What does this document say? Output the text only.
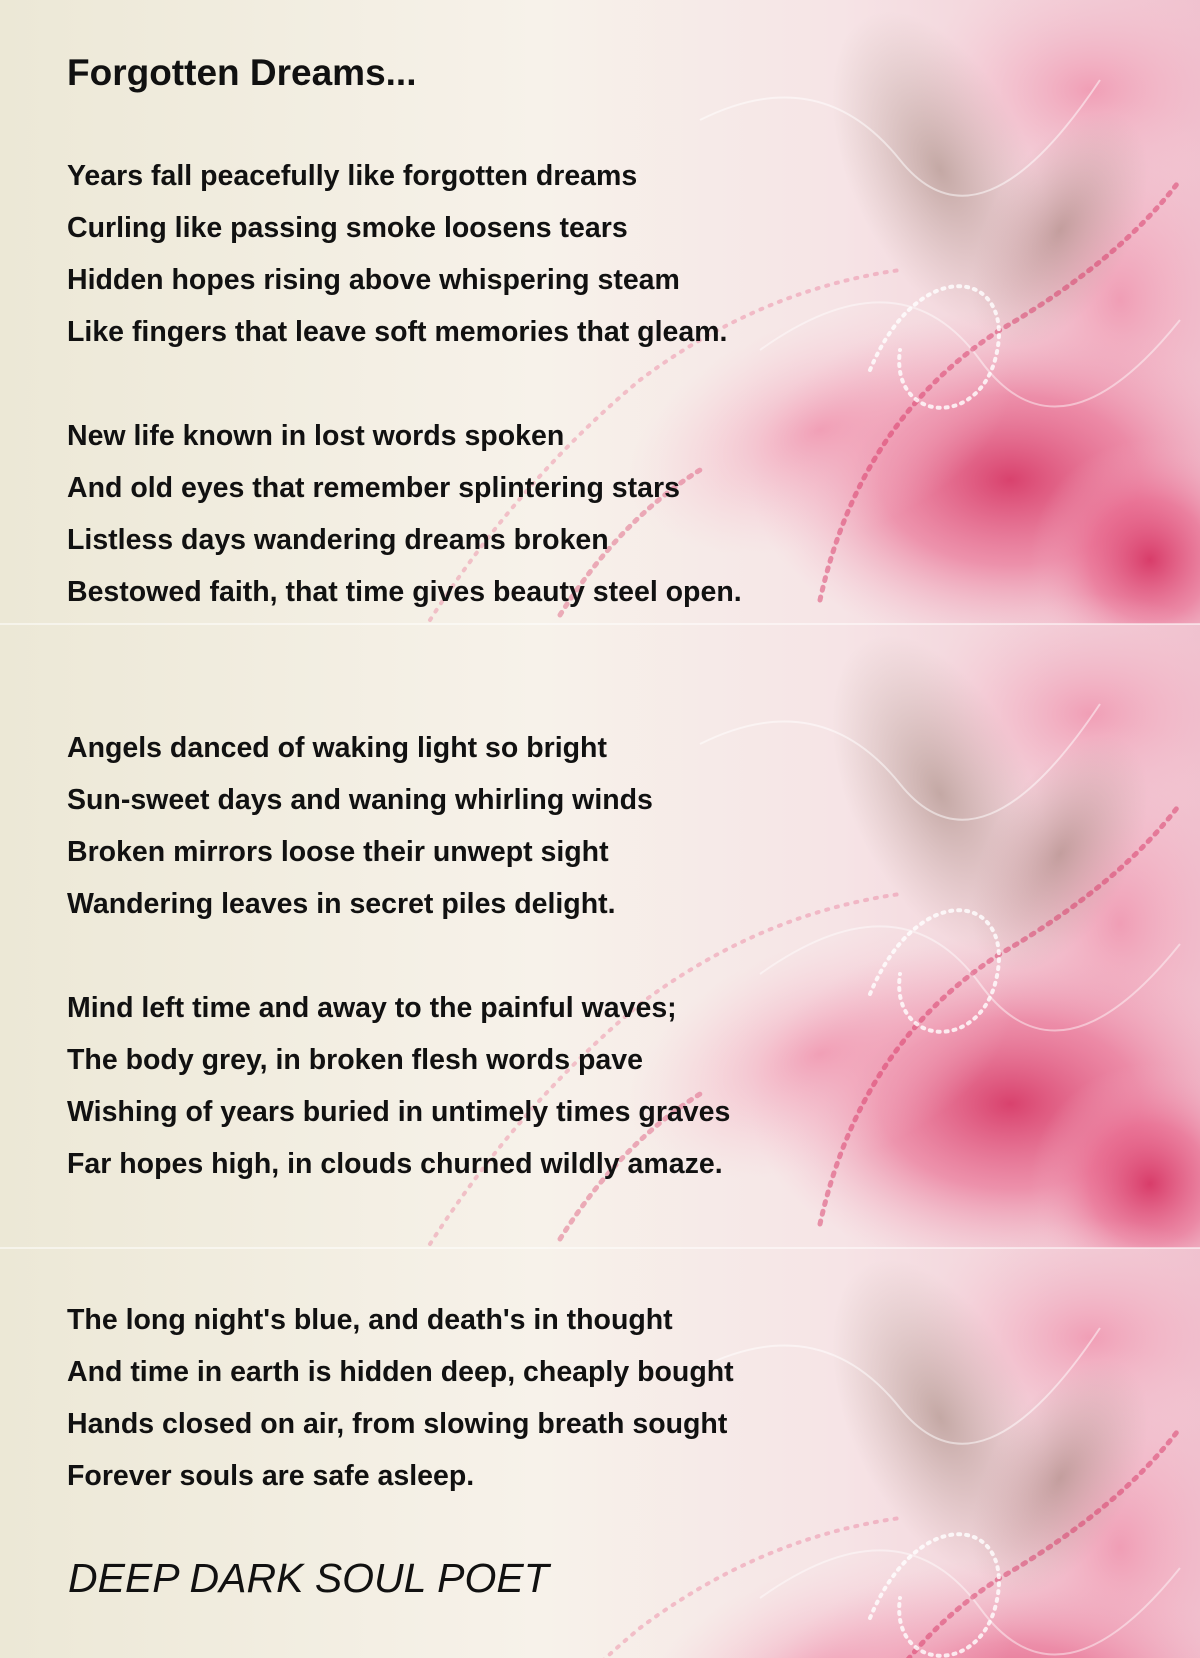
Forgotten Dreams...
Years fall peacefully like forgotten dreams
Curling like passing smoke loosens tears
Hidden hopes rising above whispering steam
Like fingers that leave soft memories that gleam.
New life known in lost words spoken
And old eyes that remember splintering stars
Listless days wandering dreams broken
Bestowed faith, that time gives beauty steel open.
Angels danced of waking light so bright
Sun-sweet days and waning whirling winds
Broken mirrors loose their unwept sight
Wandering leaves in secret piles delight.
Mind left time and away to the painful waves;
The body grey, in broken flesh words pave
Wishing of years buried in untimely times graves
Far hopes high, in clouds churned wildly amaze.
The long night's blue, and death's in thought
And time in earth is hidden deep, cheaply bought
Hands closed on air, from slowing breath sought
Forever souls are safe asleep.
DEEP DARK SOUL POET
